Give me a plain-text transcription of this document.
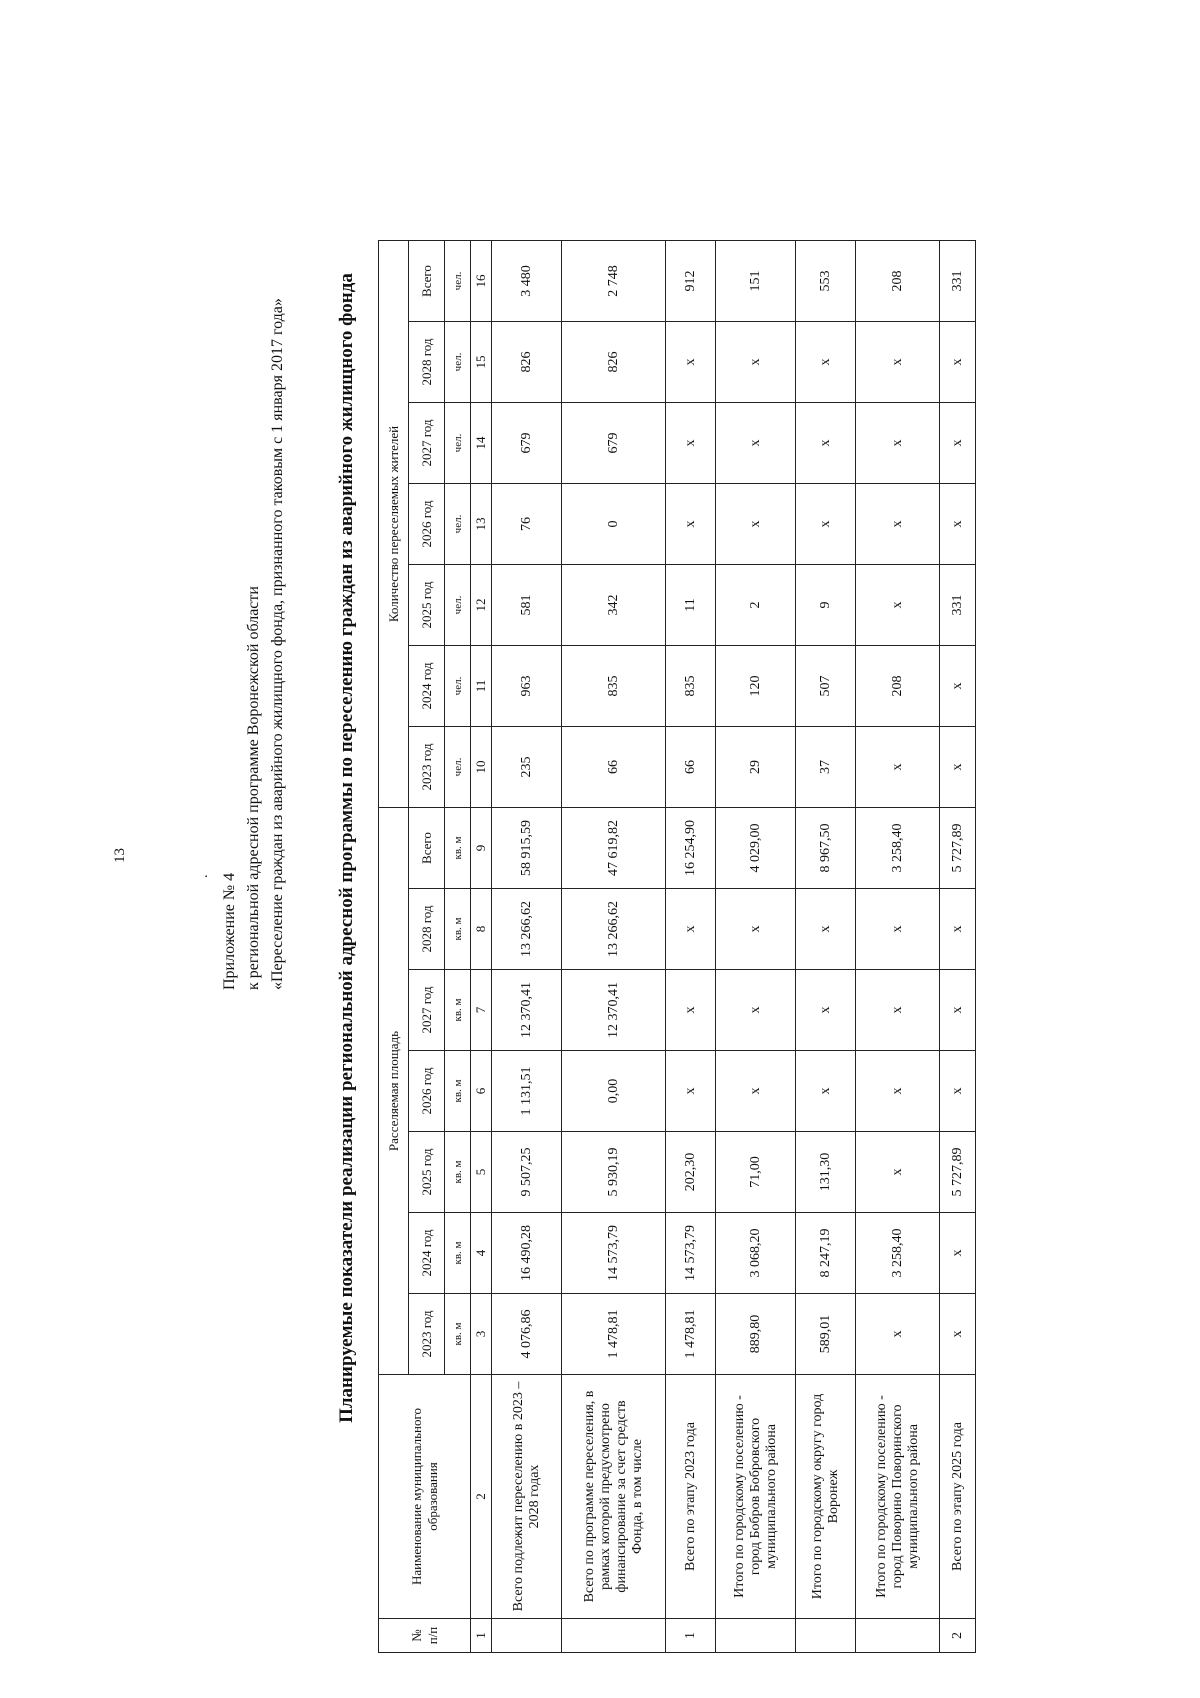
13
. Приложение № 4 к региональной адресной программе Воронежской области «Переселение граждан из аварийного жилищного фонда, признанного таковым с 1 января 2017 года»	Планируемые показатели реализации региональной адресной программы по переселению граждан из аварийного жилищного фонда
№ п/п	Наименование муниципального образования	Расселяемая площадь							Количество переселяемых жителей						
		2023 год	2024 год	2025 год	2026 год	2027 год	2028 год	Всего	2023 год	2024 год	2025 год	2026 год	2027 год	2028 год	Всего
		кв. м	кв. м	кв. м	кв. м	кв. м	кв. м	кв. м	чел.	чел.	чел.	чел.	чел.	чел.	чел.
1	2	3	4	5	6	7	8	9	10	11	12	13	14	15	16
	Всего подлежит переселению в 2023 – 2028 годах	4 076,86	16 490,28	9 507,25	1 131,51	12 370,41	13 266,62	58 915,59	235	963	581	76	679	826	3 480
	Всего по программе переселения, в рамках которой предусмотрено финансирование за счет средств Фонда, в том числе	1 478,81	14 573,79	5 930,19	0,00	12 370,41	13 266,62	47 619,82	66	835	342	0	679	826	2 748
1	Всего по этапу 2023 года	1 478,81	14 573,79	202,30	x	x	x	16 254,90	66	835	11	x	x	x	912
	Итого по городскому поселению - город Бобров Бобровского муниципального района	889,80	3 068,20	71,00	x	x	x	4 029,00	29	120	2	x	x	x	151
	Итого по городскому округу город Воронеж	589,01	8 247,19	131,30	x	x	x	8 967,50	37	507	9	x	x	x	553
	Итого по городскому поселению - город Поворино Поворинского муниципального района	x	3 258,40	x	x	x	x	3 258,40	x	208	x	x	x	x	208
2	Всего по этапу 2025 года	x	x	5 727,89	x	x	x	5 727,89	x	x	331	x	x	x	331
